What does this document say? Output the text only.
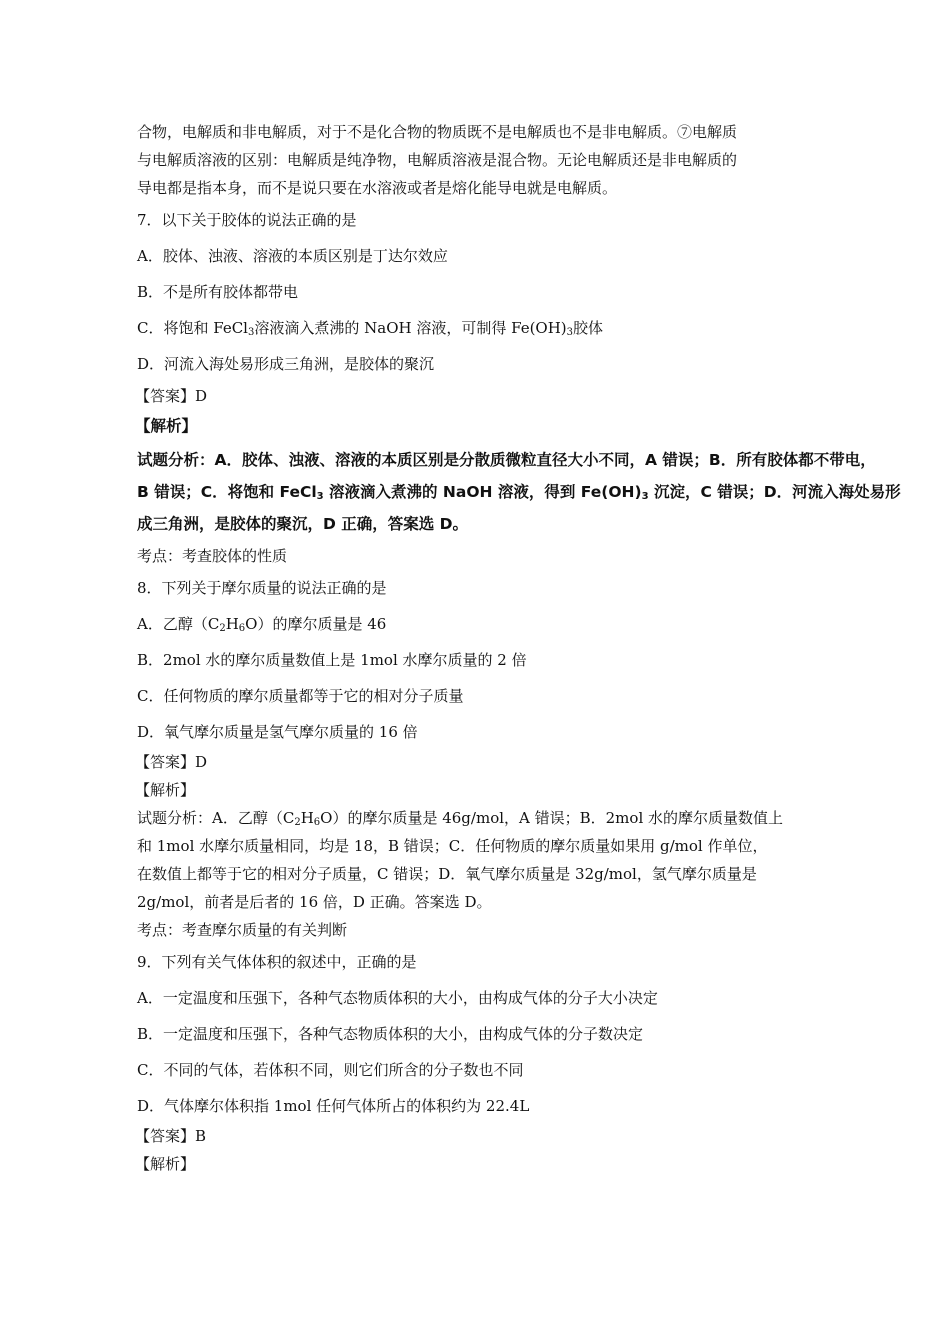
合物，电解质和非电解质，对于不是化合物的物质既不是电解质也不是非电解质。⑦电解质
与电解质溶液的区别：电解质是纯净物，电解质溶液是混合物。无论电解质还是非电解质的
导电都是指本身，而不是说只要在水溶液或者是熔化能导电就是电解质。
7．以下关于胶体的说法正确的是
A．胶体、浊液、溶液的本质区别是丁达尔效应
B．不是所有胶体都带电
C．将饱和 FeCl$_3$溶液滴入煮沸的 NaOH 溶液，可制得 $Fe(OH)_3$胶体
D．河流入海处易形成三角洲，是胶体的聚沉
【答案】D
【解析】
试题分析：A．胶体、浊液、溶液的本质区别是分散质微粒直径大小不同，A 错误；B．所有胶体都不带电，
B 错误；C．将饱和 FeCl$_3$ 溶液滴入煮沸的 NaOH 溶液，得到 $Fe(OH)_3$ 沉淀，C 错误；D．河流入海处易形
成三角洲，是胶体的聚沉，D 正确，答案选 D。
考点：考查胶体的性质
8．下列关于摩尔质量的说法正确的是
A．乙醇$(C_2H_6O)$的摩尔质量是 46
B．2mol 水的摩尔质量数值上是 1mol 水摩尔质量的 2 倍
C．任何物质的摩尔质量都等于它的相对分子质量
D．氧气摩尔质量是氢气摩尔质量的 16 倍
【答案】D
【解析】
试题分析：A．乙醇$(C_2H_6O)$的摩尔质量是 46g/mol，A 错误；B．2mol 水的摩尔质量数值上
和 1mol 水摩尔质量相同，均是 18，B 错误；C．任何物质的摩尔质量如果用 g/mol 作单位，
在数值上都等于它的相对分子质量，C 错误；D．氧气摩尔质量是 32g/mol，氢气摩尔质量是
2g/mol，前者是后者的 16 倍，D 正确。答案选 D。
考点：考查摩尔质量的有关判断
9．下列有关气体体积的叙述中，正确的是
A．一定温度和压强下，各种气态物质体积的大小，由构成气体的分子大小决定
B．一定温度和压强下，各种气态物质体积的大小，由构成气体的分子数决定
C．不同的气体，若体积不同，则它们所含的分子数也不同
D．气体摩尔体积指 1mol 任何气体所占的体积约为 22.4L
【答案】B
【解析】
